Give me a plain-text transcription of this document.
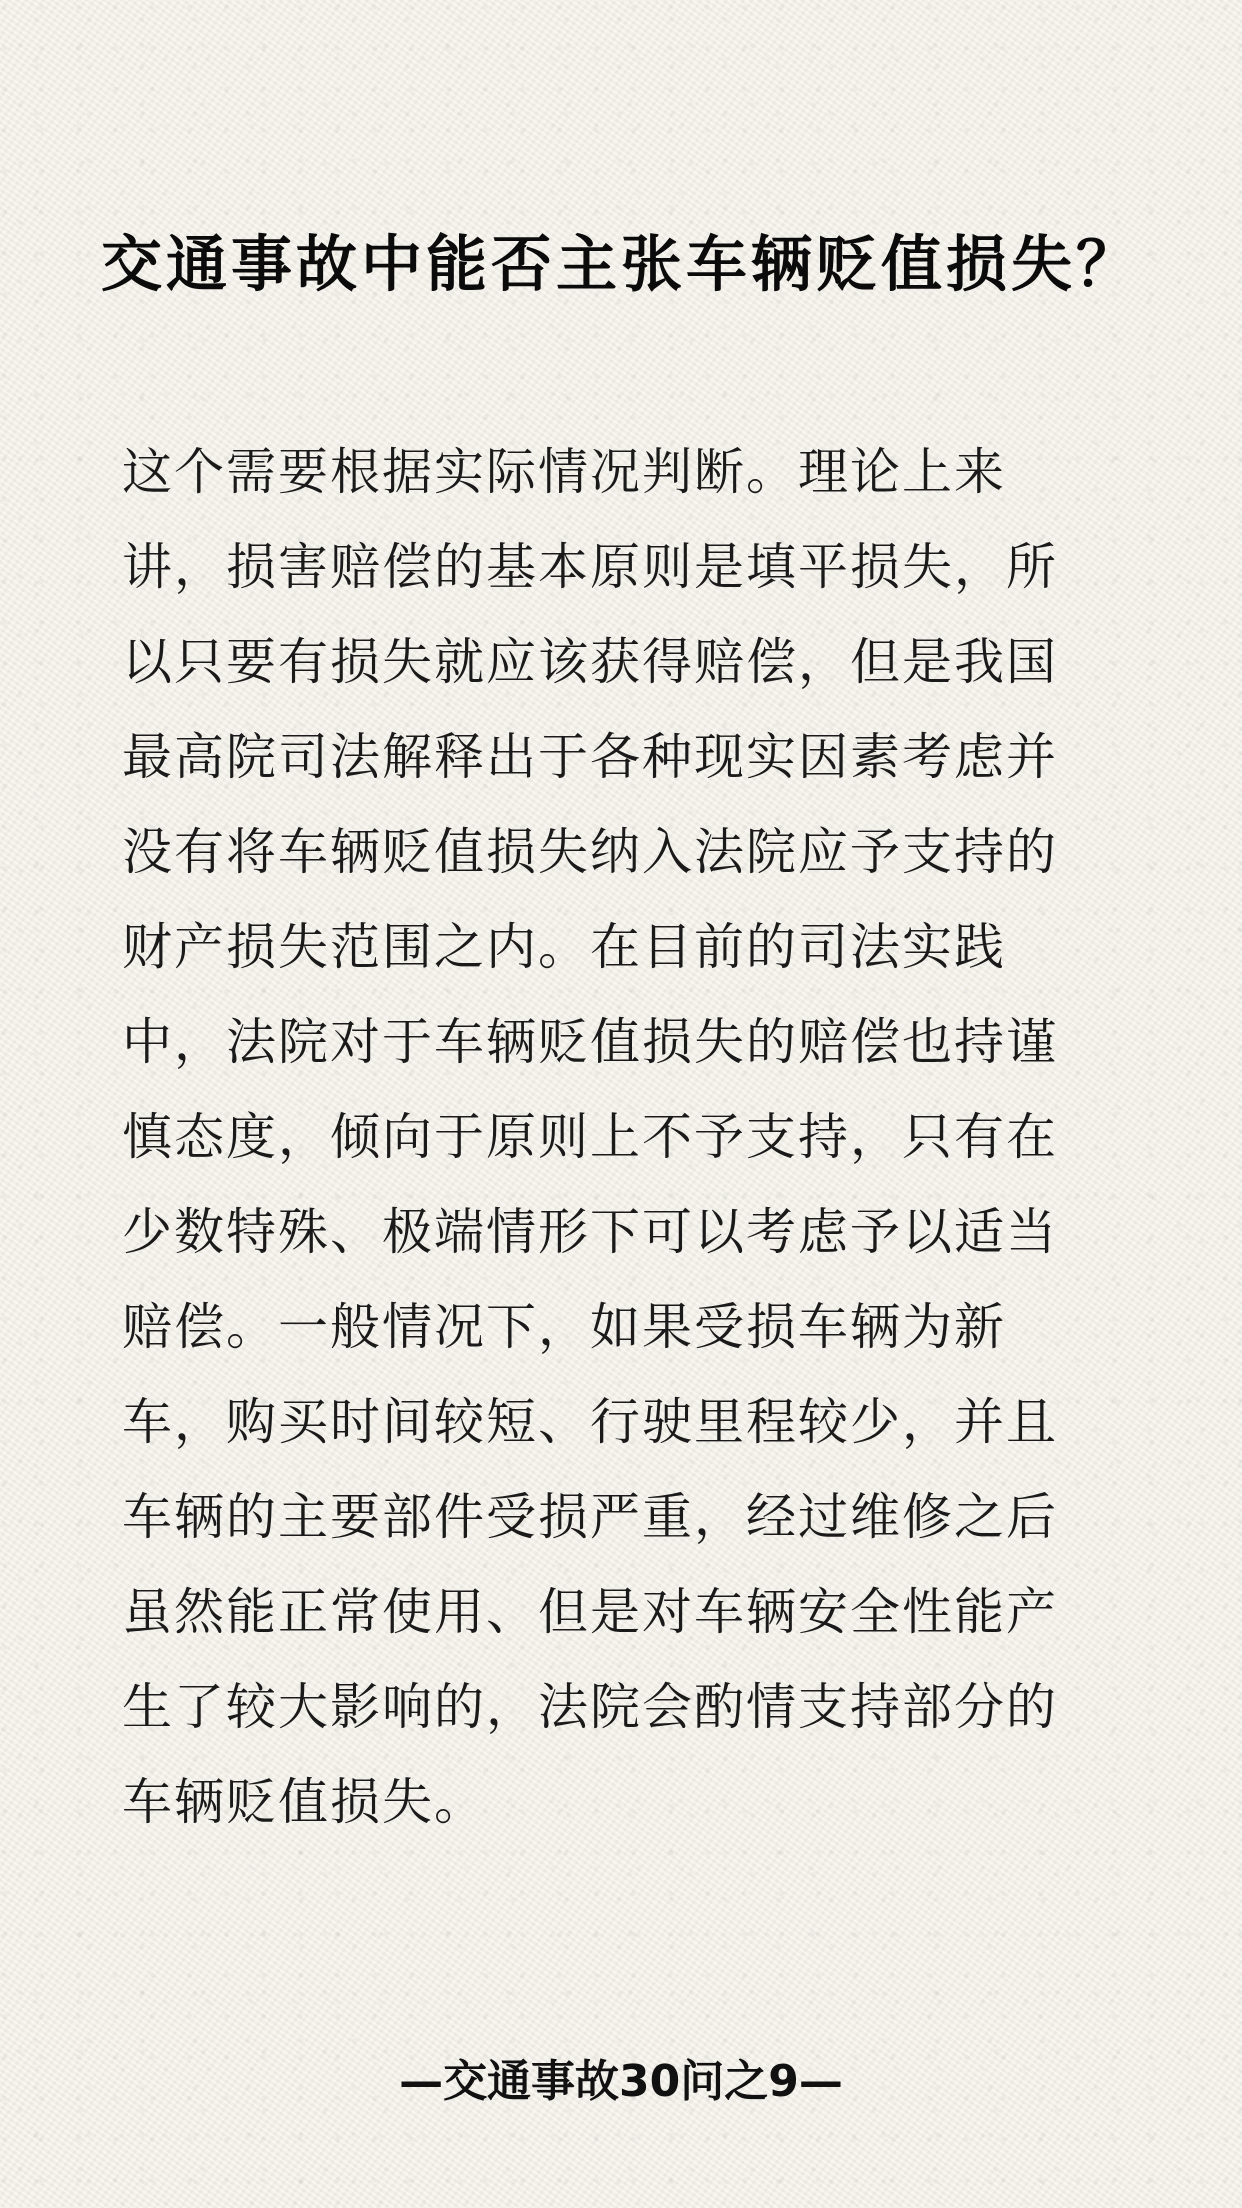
交通事故中能否主张车辆贬值损失？
这个需要根据实际情况判断。理论上来
讲，损害赔偿的基本原则是填平损失，所
以只要有损失就应该获得赔偿，但是我国
最高院司法解释出于各种现实因素考虑并
没有将车辆贬值损失纳入法院应予支持的
财产损失范围之内。在目前的司法实践
中，法院对于车辆贬值损失的赔偿也持谨
慎态度，倾向于原则上不予支持，只有在
少数特殊、极端情形下可以考虑予以适当
赔偿。一般情况下，如果受损车辆为新
车，购买时间较短、行驶里程较少，并且
车辆的主要部件受损严重，经过维修之后
虽然能正常使用、但是对车辆安全性能产
生了较大影响的，法院会酌情支持部分的
车辆贬值损失。
—交通事故30问之9—
